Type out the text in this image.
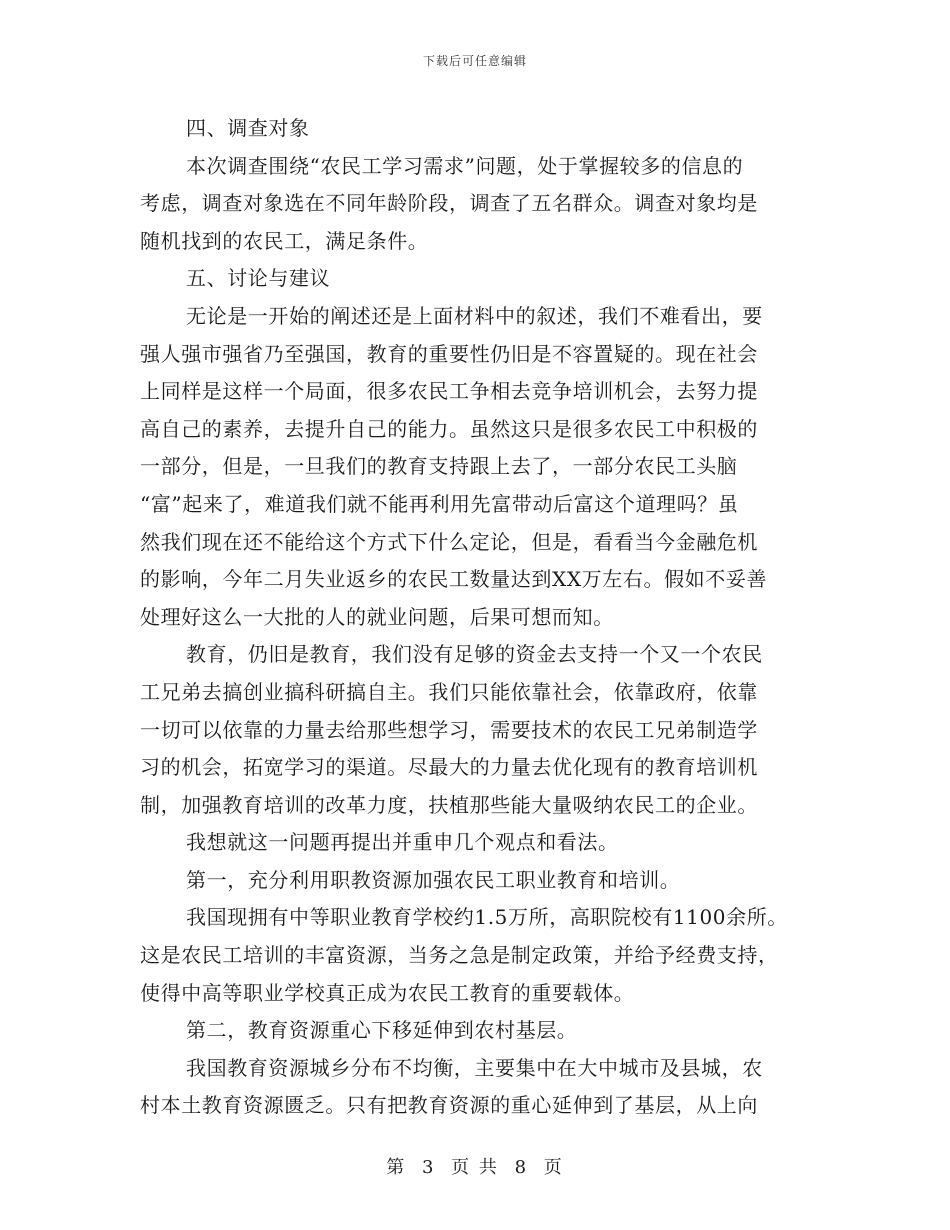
下载后可任意编辑
四、调查对象
本次调查围绕“农民工学习需求”问题，处于掌握较多的信息的
考虑，调查对象选在不同年龄阶段，调查了五名群众。调查对象均是
随机找到的农民工，满足条件。
五、讨论与建议
无论是一开始的阐述还是上面材料中的叙述，我们不难看出，要
强人强市强省乃至强国，教育的重要性仍旧是不容置疑的。现在社会
上同样是这样一个局面，很多农民工争相去竞争培训机会，去努力提
高自己的素养，去提升自己的能力。虽然这只是很多农民工中积极的
一部分，但是，一旦我们的教育支持跟上去了，一部分农民工头脑
“富”起来了，难道我们就不能再利用先富带动后富这个道理吗？虽
然我们现在还不能给这个方式下什么定论，但是，看看当今金融危机
的影响，今年二月失业返乡的农民工数量达到XX万左右。假如不妥善
处理好这么一大批的人的就业问题，后果可想而知。
教育，仍旧是教育，我们没有足够的资金去支持一个又一个农民
工兄弟去搞创业搞科研搞自主。我们只能依靠社会，依靠政府，依靠
一切可以依靠的力量去给那些想学习，需要技术的农民工兄弟制造学
习的机会，拓宽学习的渠道。尽最大的力量去优化现有的教育培训机
制，加强教育培训的改革力度，扶植那些能大量吸纳农民工的企业。
我想就这一问题再提出并重申几个观点和看法。
第一，充分利用职教资源加强农民工职业教育和培训。
我国现拥有中等职业教育学校约1.5万所，高职院校有1100余所。
这是农民工培训的丰富资源，当务之急是制定政策，并给予经费支持，
使得中高等职业学校真正成为农民工教育的重要载体。
第二，教育资源重心下移延伸到农村基层。
我国教育资源城乡分布不均衡，主要集中在大中城市及县城，农
村本土教育资源匮乏。只有把教育资源的重心延伸到了基层，从上向
第 3 页 共 8 页
